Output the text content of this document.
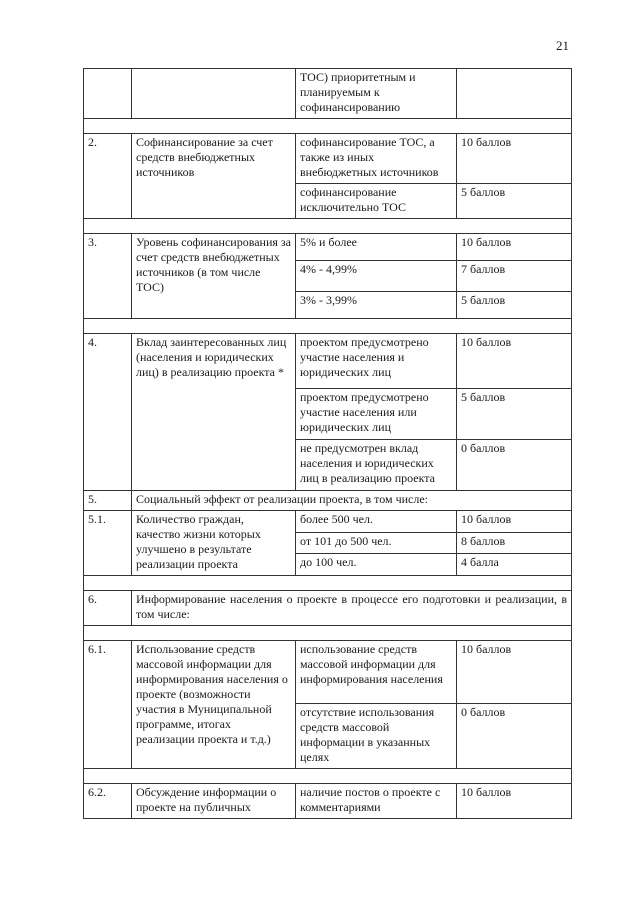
21
		ТОС) приоритетным и планируемым к софинансированию	

2.	Софинансирование за счет средств внебюджетных источников	софинансирование ТОС, а также из иных внебюджетных источников	10 баллов
		софинансирование исключительно ТОС	5 баллов

3.	Уровень софинансирования за счет средств внебюджетных источников (в том числе ТОС)	5% и более	10 баллов
		4% - 4,99%	7 баллов
		3% - 3,99%	5 баллов

4.	Вклад заинтересованных лиц (населения и юридических лиц) в реализацию проекта *	проектом предусмотрено участие населения и юридических лиц	10 баллов
		проектом предусмотрено участие населения или юридических лиц	5 баллов
		не предусмотрен вклад населения и юридических лиц в реализацию проекта	0 баллов
5.	Социальный эффект от реализации проекта, в том числе:		
5.1.	Количество граждан, качество жизни которых улучшено в результате реализации проекта	более 500 чел.	10 баллов
		от 101 до 500 чел.	8 баллов
		до 100 чел.	4 балла

6.	Информирование населения о проекте в процессе его подготовки и реализации, в том числе:		

6.1.	Использование средств массовой информации для информирования населения о проекте (возможности участия в Муниципальной программе, итогах реализации проекта и т.д.)	использование средств массовой информации для информирования населения	10 баллов
		отсутствие использования средств массовой информации в указанных целях	0 баллов

6.2.	Обсуждение информации о проекте на публичных	наличие постов о проекте с комментариями	10 баллов
